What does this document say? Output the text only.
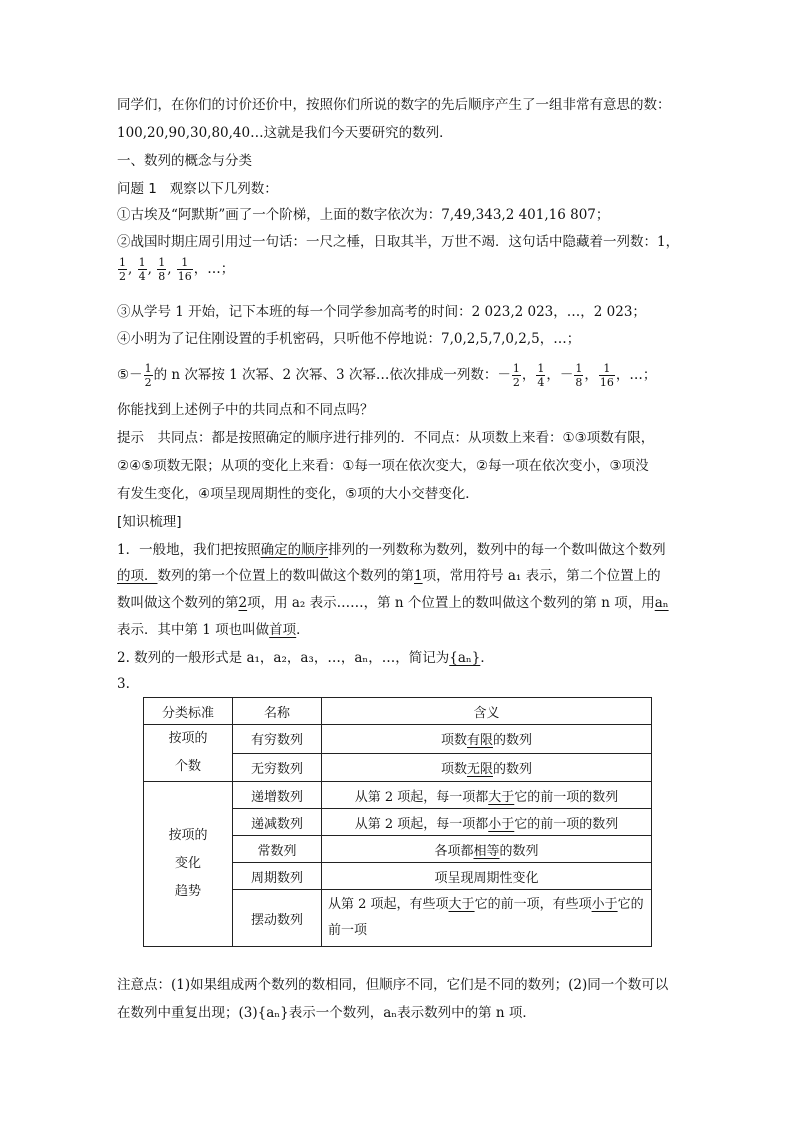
同学们，在你们的讨价还价中，按照你们所说的数字的先后顺序产生了一组非常有意思的数：
100,20,90,30,80,40…这就是我们今天要研究的数列．
一、数列的概念与分类
问题 1 观察以下几列数：
①古埃及“阿默斯”画了一个阶梯，上面的数字依次为：7,49,343,2 401,16 807；
②战国时期庄周引用过一句话：一尺之棰，日取其半，万世不竭．这句话中隐藏着一列数：1，
$\frac{1}{2}$ , $\frac{1}{4}$ , $\frac{1}{8}$ , $\frac{1}{16}$ ，…；
③从学号 1 开始，记下本班的每一个同学参加高考的时间：2 023,2 023，…，2 023；
④小明为了记住刚设置的手机密码，只听他不停地说：7,0,2,5,7,0,2,5，…；
⑤－ $\frac{1}{2}$ 的 n 次幂按 1 次幂、2 次幂、3 次幂…依次排成一列数：－ $\frac{1}{2}$ ， $\frac{1}{4}$ ，－ $\frac{1}{8}$ ， $\frac{1}{16}$ ，…；
你能找到上述例子中的共同点和不同点吗？
提示　共同点：都是按照确定的顺序进行排列的．不同点：从项数上来看：①③项数有限，
②④⑤项数无限；从项的变化上来看：①每一项在依次变大，②每一项在依次变小，③项没
有发生变化，④项呈现周期性的变化，⑤项的大小交替变化．
[知识梳理]
1．一般地，我们把按照确定的顺序排列的一列数称为数列，数列中的每一个数叫做这个数列
的项．数列的第一个位置上的数叫做这个数列的第1项，常用符号 a₁ 表示，第二个位置上的
数叫做这个数列的第2项，用 a₂ 表示……，第 n 个位置上的数叫做这个数列的第 n 项，用aₙ
表示．其中第 1 项也叫做首项．
2. 数列的一般形式是 a₁，a₂，a₃，…，aₙ，…，简记为{aₙ}．
3.
分类标准	名称	含义
按项的
个数	有穷数列	项数有限的数列
	无穷数列	项数无限的数列
按项的
变化
趋势	递增数列	从第 2 项起，每一项都大于它的前一项的数列
	递减数列	从第 2 项起，每一项都小于它的前一项的数列
	常数列	各项都相等的数列
	周期数列	项呈现周期性变化
	摆动数列	从第 2 项起，有些项大于它的前一项，有些项小于它的前一项
注意点：(1)如果组成两个数列的数相同，但顺序不同，它们是不同的数列；(2)同一个数可以
在数列中重复出现；(3){aₙ}表示一个数列，aₙ表示数列中的第 n 项．
